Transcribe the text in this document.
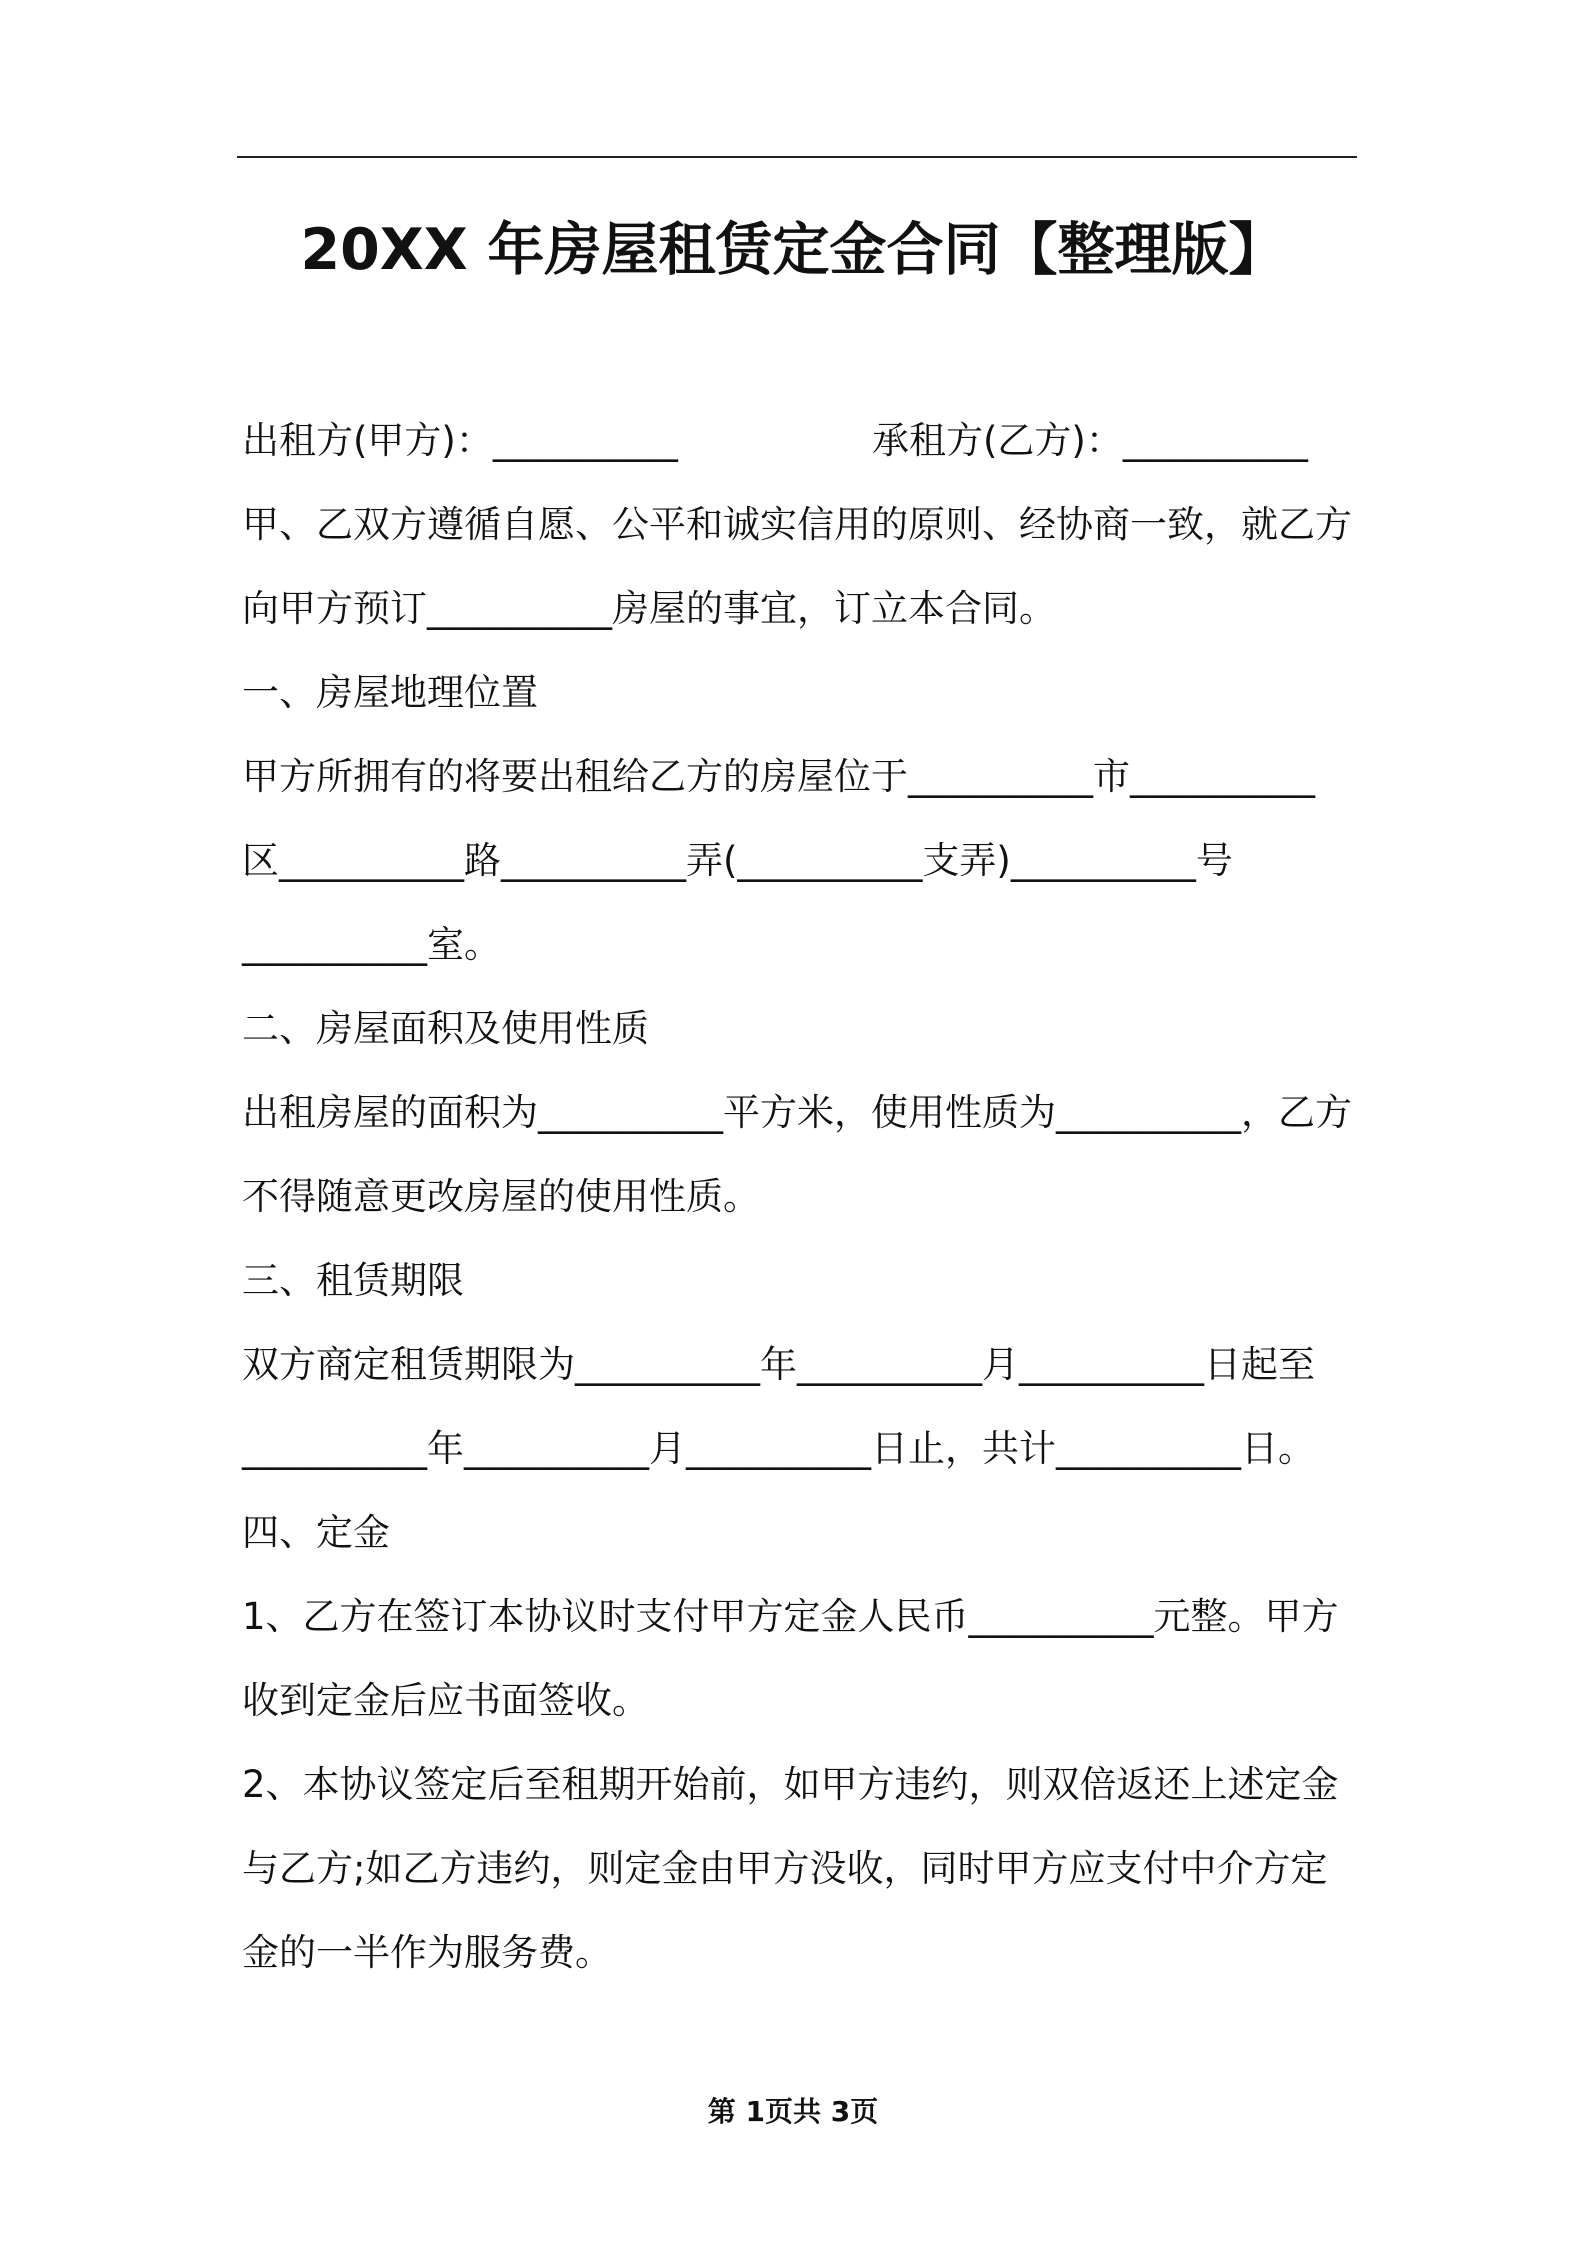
20XX 年房屋租赁定金合同【整理版】
出租方(甲方)：__________	承租方(乙方)：__________
甲、乙双方遵循自愿、公平和诚实信用的原则、经协商一致，就乙方
向甲方预订__________房屋的事宜，订立本合同。
一、房屋地理位置
甲方所拥有的将要出租给乙方的房屋位于__________市__________
区__________路__________弄(__________支弄)__________号
__________室。
二、房屋面积及使用性质
出租房屋的面积为__________平方米，使用性质为__________，乙方
不得随意更改房屋的使用性质。
三、租赁期限
双方商定租赁期限为__________年__________月__________日起至
__________年__________月__________日止，共计__________日。
四、定金
1、乙方在签订本协议时支付甲方定金人民币__________元整。甲方
收到定金后应书面签收。
2、本协议签定后至租期开始前，如甲方违约，则双倍返还上述定金
与乙方;如乙方违约，则定金由甲方没收，同时甲方应支付中介方定
金的一半作为服务费。
第 1页共 3页
